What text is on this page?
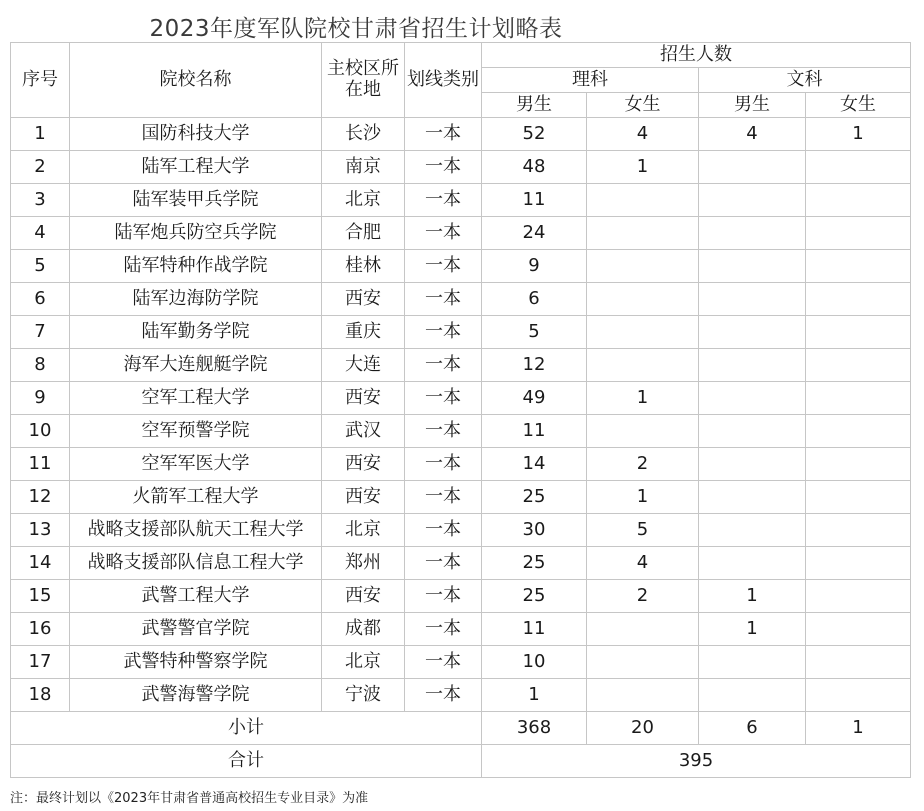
2023年度军队院校甘肃省招生计划略表
序号	院校名称	主校区所在地	划线类别	招生人数			
				理科		文科	
				男生	女生	男生	女生
1	国防科技大学	长沙	一本	52	4	4	1
2	陆军工程大学	南京	一本	48	1		
3	陆军装甲兵学院	北京	一本	11			
4	陆军炮兵防空兵学院	合肥	一本	24			
5	陆军特种作战学院	桂林	一本	9			
6	陆军边海防学院	西安	一本	6			
7	陆军勤务学院	重庆	一本	5			
8	海军大连舰艇学院	大连	一本	12			
9	空军工程大学	西安	一本	49	1		
10	空军预警学院	武汉	一本	11			
11	空军军医大学	西安	一本	14	2		
12	火箭军工程大学	西安	一本	25	1		
13	战略支援部队航天工程大学	北京	一本	30	5		
14	战略支援部队信息工程大学	郑州	一本	25	4		
15	武警工程大学	西安	一本	25	2	1	
16	武警警官学院	成都	一本	11		1	
17	武警特种警察学院	北京	一本	10			
18	武警海警学院	宁波	一本	1			
小计				368	20	6	1
合计				395			
注：最终计划以《2023年甘肃省普通高校招生专业目录》为准
